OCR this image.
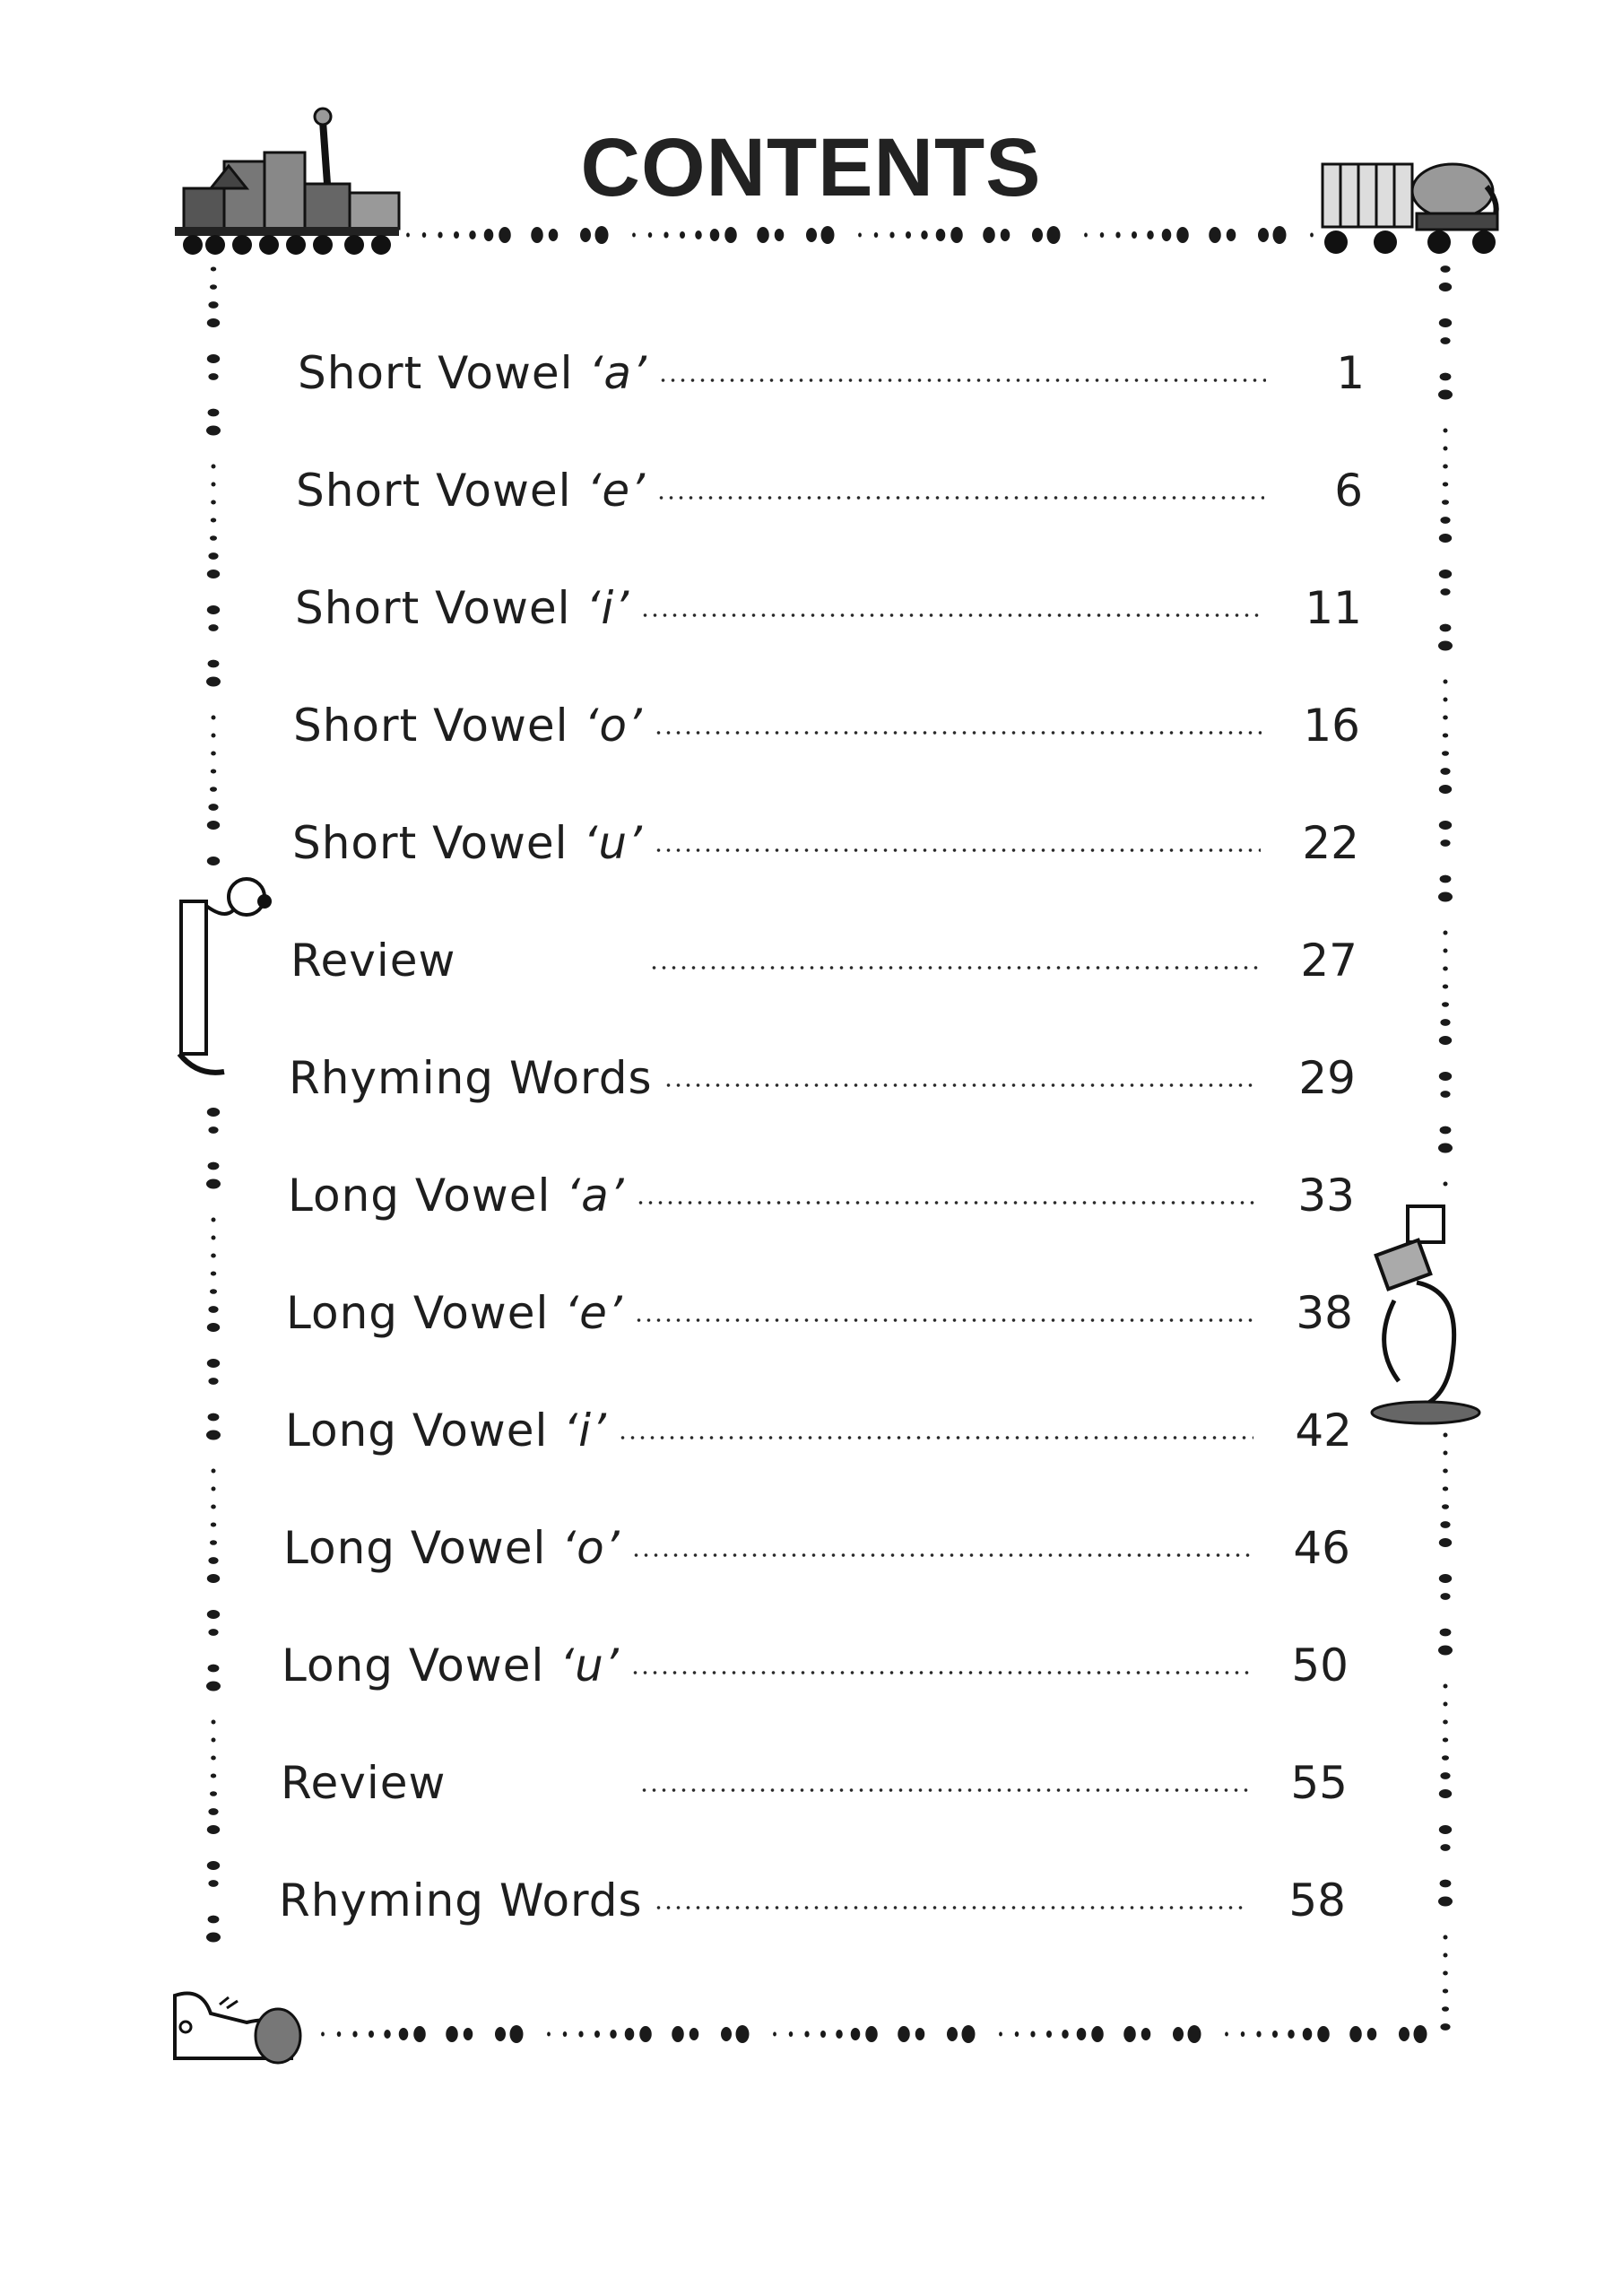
CONTENTS
Short Vowel ‘a’	1
Short Vowel ‘e’	6
Short Vowel ‘i’	11
Short Vowel ‘o’	16
Short Vowel ‘u’	22
Review	27
Rhyming Words	29
Long Vowel ‘a’	33
Long Vowel ‘e’	38
Long Vowel ‘i’	42
Long Vowel ‘o’	46
Long Vowel ‘u’	50
Review	55
Rhyming Words	58
